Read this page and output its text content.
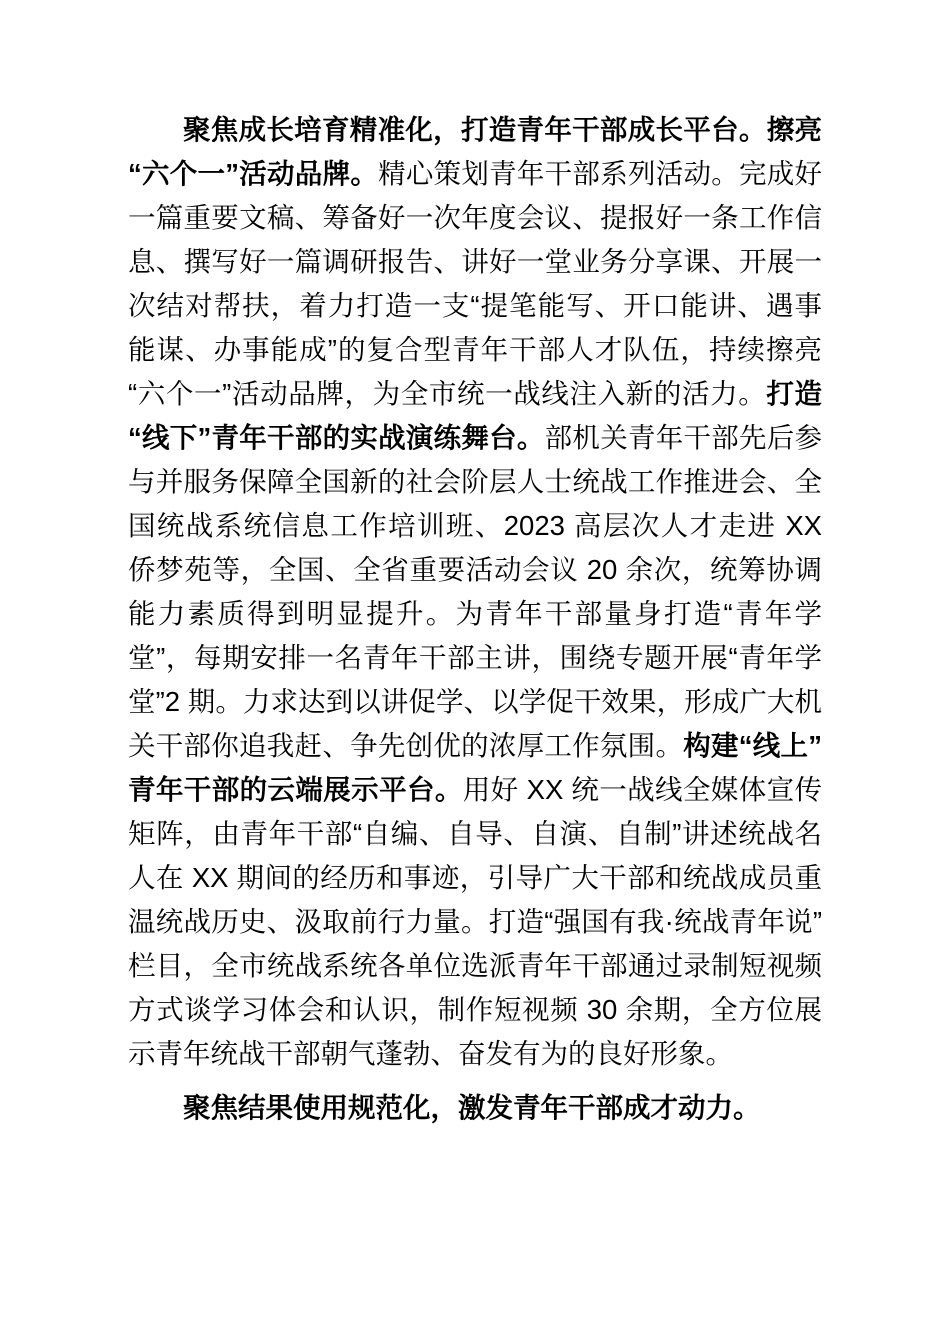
聚焦成长培育精准化，打造青年干部成长平台。擦亮“六个一”活动品牌。精心策划青年干部系列活动。完成好一篇重要文稿、筹备好一次年度会议、提报好一条工作信息、撰写好一篇调研报告、讲好一堂业务分享课、开展一次结对帮扶，着力打造一支“提笔能写、开口能讲、遇事能谋、办事能成”的复合型青年干部人才队伍，持续擦亮“六个一”活动品牌，为全市统一战线注入新的活力。打造“线下”青年干部的实战演练舞台。部机关青年干部先后参与并服务保障全国新的社会阶层人士统战工作推进会、全国统战系统信息工作培训班、2023 高层次人才走进 XX 侨梦苑等，全国、全省重要活动会议 20 余次，统筹协调能力素质得到明显提升。为青年干部量身打造“青年学堂”，每期安排一名青年干部主讲，围绕专题开展“青年学堂”2 期。力求达到以讲促学、以学促干效果，形成广大机关干部你追我赶、争先创优的浓厚工作氛围。构建“线上”青年干部的云端展示平台。用好 XX 统一战线全媒体宣传矩阵，由青年干部“自编、自导、自演、自制”讲述统战名人在 XX 期间的经历和事迹，引导广大干部和统战成员重温统战历史、汲取前行力量。打造“强国有我·统战青年说”栏目，全市统战系统各单位选派青年干部通过录制短视频方式谈学习体会和认识，制作短视频 30 余期，全方位展示青年统战干部朝气蓬勃、奋发有为的良好形象。

聚焦结果使用规范化，激发青年干部成才动力。
